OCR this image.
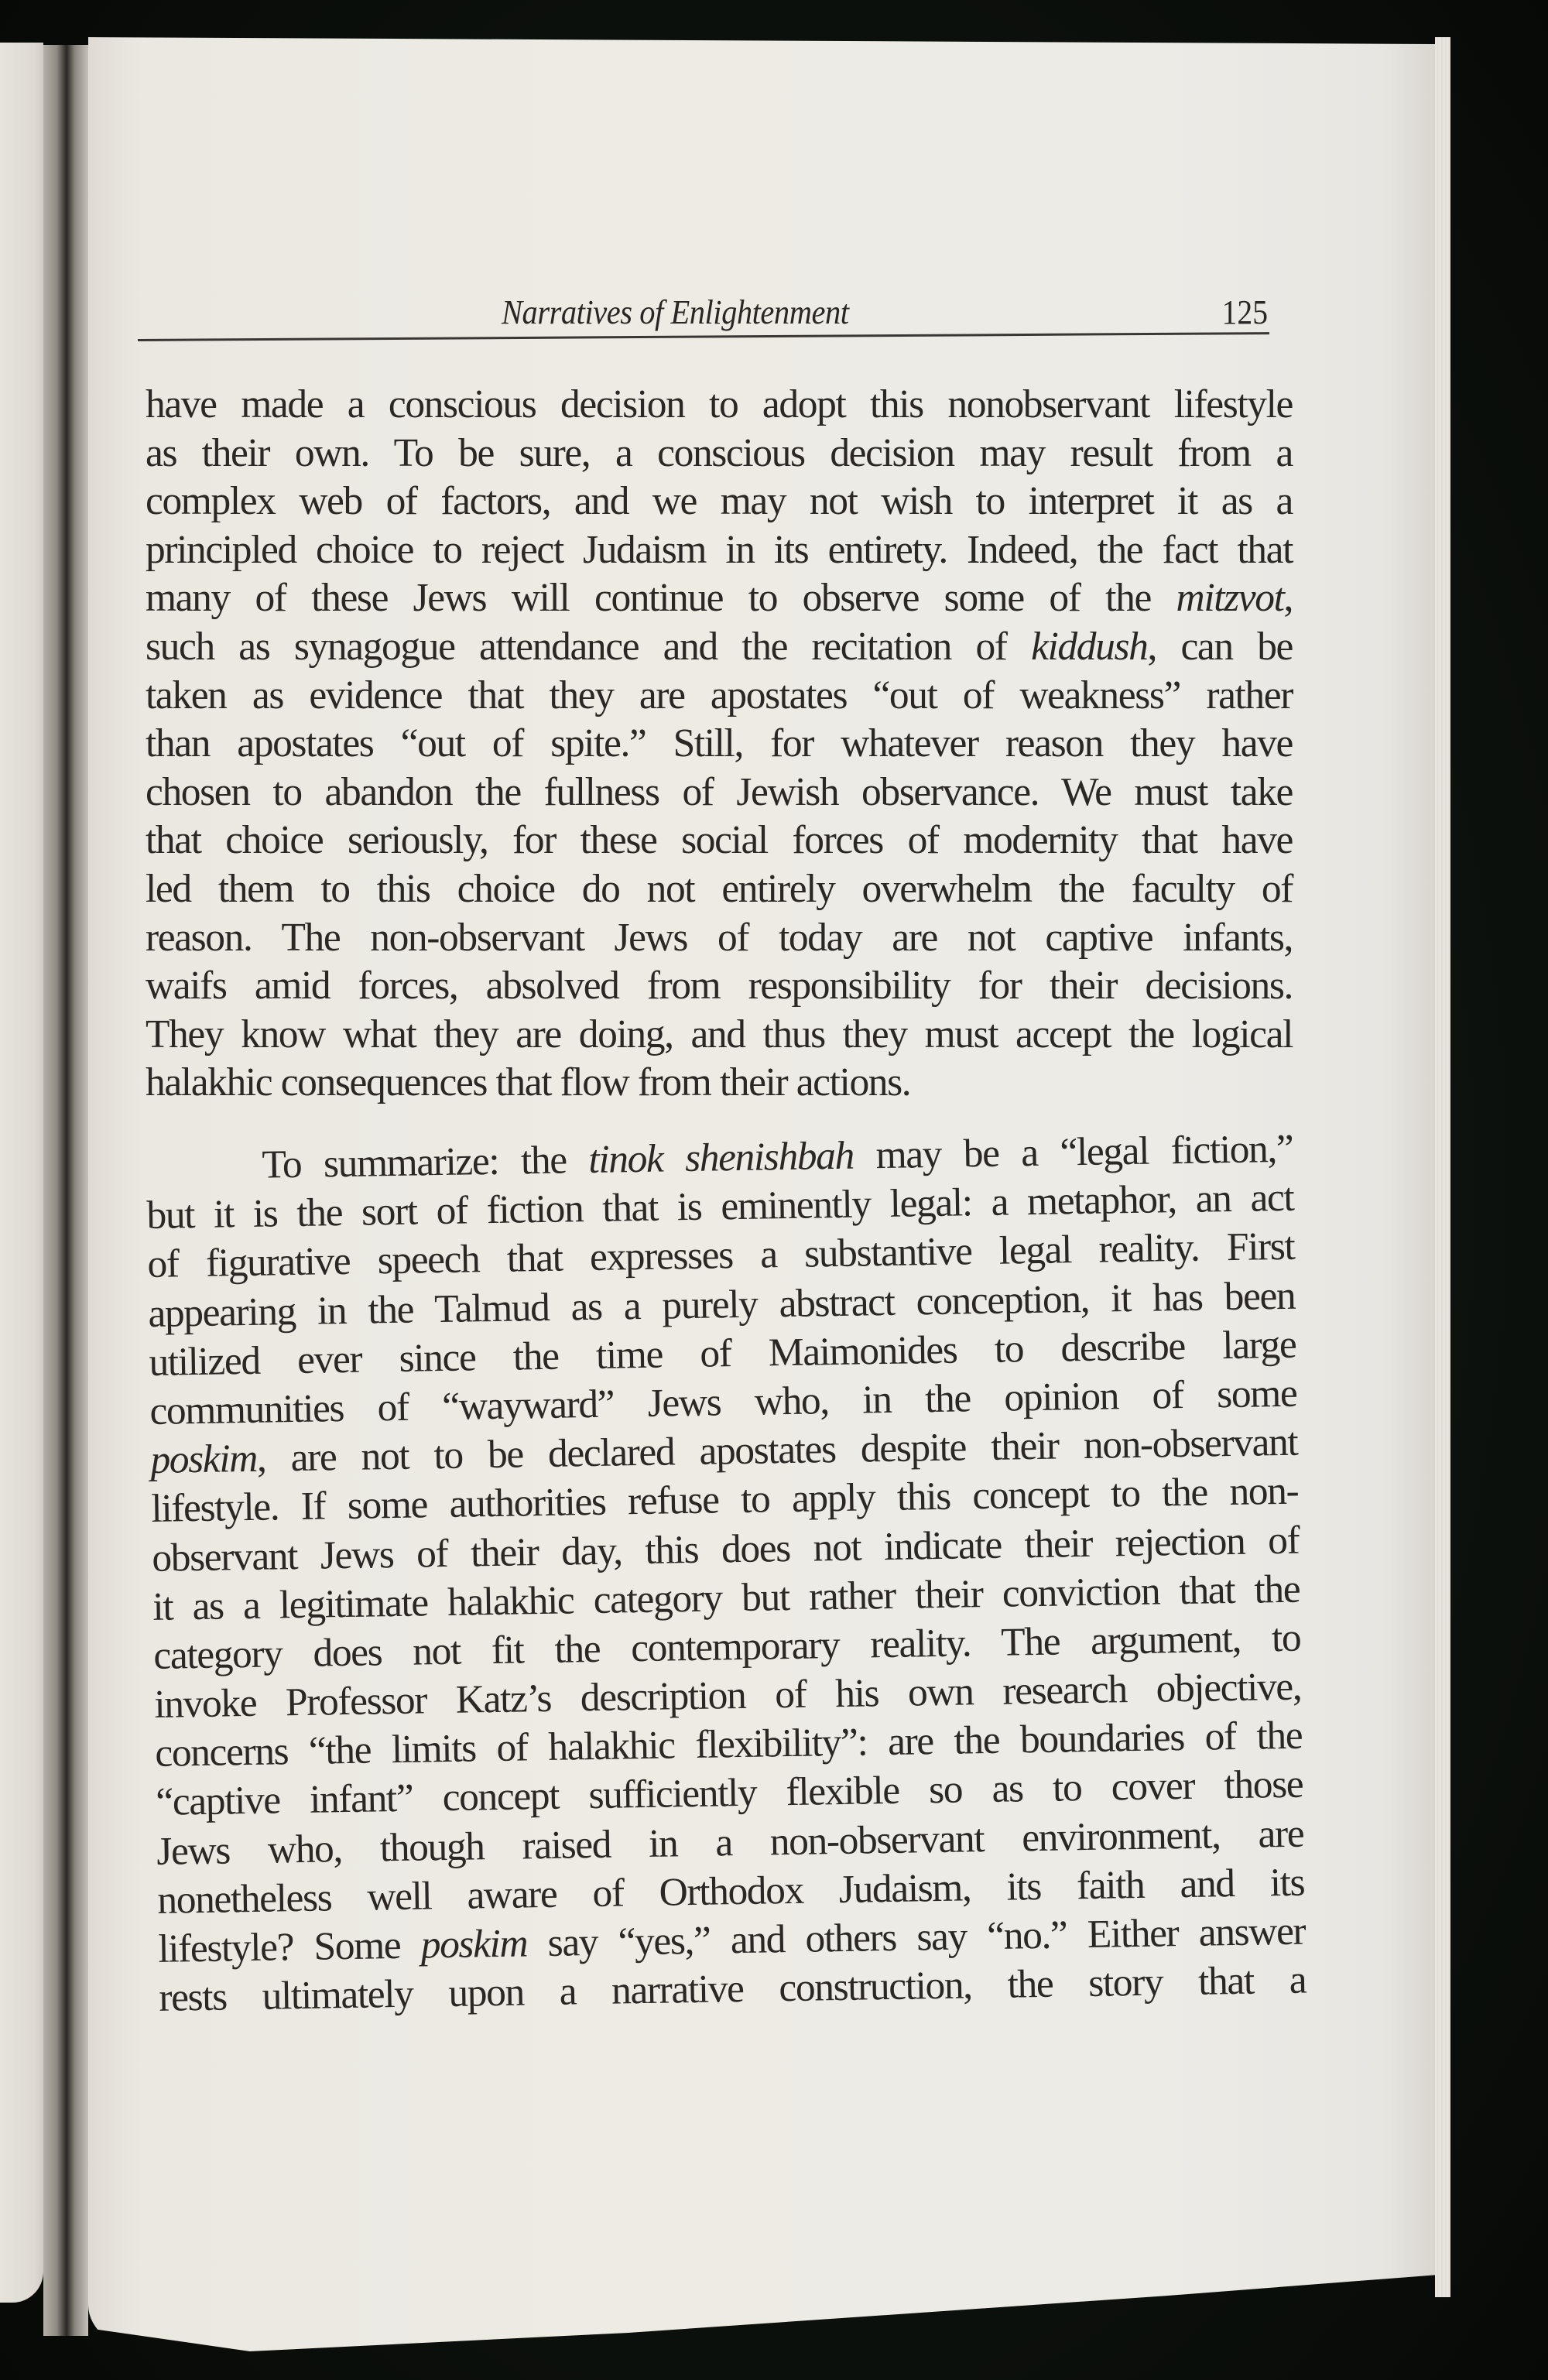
Narratives of Enlightenment	125
have made a conscious decision to adopt this nonobservant lifestyle
as their own. To be sure, a conscious decision may result from a
complex web of factors, and we may not wish to interpret it as a
principled choice to reject Judaism in its entirety. Indeed, the fact that
many of these Jews will continue to observe some of the mitzvot,
such as synagogue attendance and the recitation of kiddush, can be
taken as evidence that they are apostates “out of weakness” rather
than apostates “out of spite.” Still, for whatever reason they have
chosen to abandon the fullness of Jewish observance. We must take
that choice seriously, for these social forces of modernity that have
led them to this choice do not entirely overwhelm the faculty of
reason. The non-observant Jews of today are not captive infants,
waifs amid forces, absolved from responsibility for their decisions.
They know what they are doing, and thus they must accept the logical
halakhic consequences that flow from their actions.
To summarize: the tinok shenishbah may be a “legal fiction,”
but it is the sort of fiction that is eminently legal: a metaphor, an act
of figurative speech that expresses a substantive legal reality. First
appearing in the Talmud as a purely abstract conception, it has been
utilized ever since the time of Maimonides to describe large
communities of “wayward” Jews who, in the opinion of some
poskim, are not to be declared apostates despite their non-observant
lifestyle. If some authorities refuse to apply this concept to the non-
observant Jews of their day, this does not indicate their rejection of
it as a legitimate halakhic category but rather their conviction that the
category does not fit the contemporary reality. The argument, to
invoke Professor Katz’s description of his own research objective,
concerns “the limits of halakhic flexibility”: are the boundaries of the
“captive infant” concept sufficiently flexible so as to cover those
Jews who, though raised in a non-observant environment, are
nonetheless well aware of Orthodox Judaism, its faith and its
lifestyle? Some poskim say “yes,” and others say “no.” Either answer
rests ultimately upon a narrative construction, the story that a
